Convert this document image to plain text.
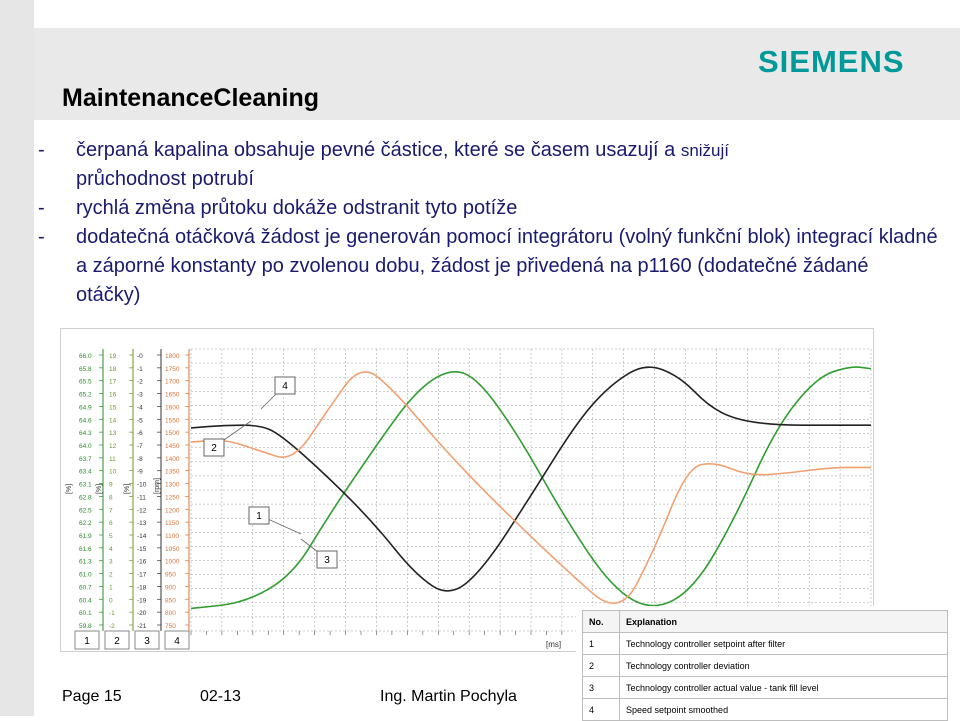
MaintenanceCleaning
SIEMENS
- čerpaná kapalina obsahuje pevné částice, které se časem usazují a snižují
průchodnost potrubí
- rychlá změna průtoku dokáže odstranit tyto potíže
- dodatečná otáčková žádost je generován pomocí integrátoru (volný funkční blok) integrací kladné a záporné konstanty po zvolenou dobu, žádost je přivedená na p1160 (dodatečné žádané otáčky)
66.0
65.8
65.5
65.2
64.9
64.6
64.3
64.0
63.7
63.4
63.1
62.8
62.5
62.2
61.9
61.6
61.3
61.0
60.7
60.4
60.1
59.8
19
18
17
16
15
14
13
12
11
10
9
8
7
6
5
4
3
2
1
0
-1
-2
-0
-1
-2
-3
-4
-5
-6
-7
-8
-9
-10
-11
-12
-13
-14
-15
-16
-17
-18
-19
-20
-21
1800
1750
1700
1650
1600
1550
1500
1450
1400
1350
1300
1250
1200
1150
1100
1050
1000
950
900
850
800
750
[%]	[%]	[%]	[rpm]
[ms]
4
2
1
3
1 2 3 4
No.	Explanation
1	Technology controller setpoint after filter
2	Technology controller deviation
3	Technology controller actual value - tank fill level
4	Speed setpoint smoothed
Page 15	02-13	Ing. Martin Pochyla
